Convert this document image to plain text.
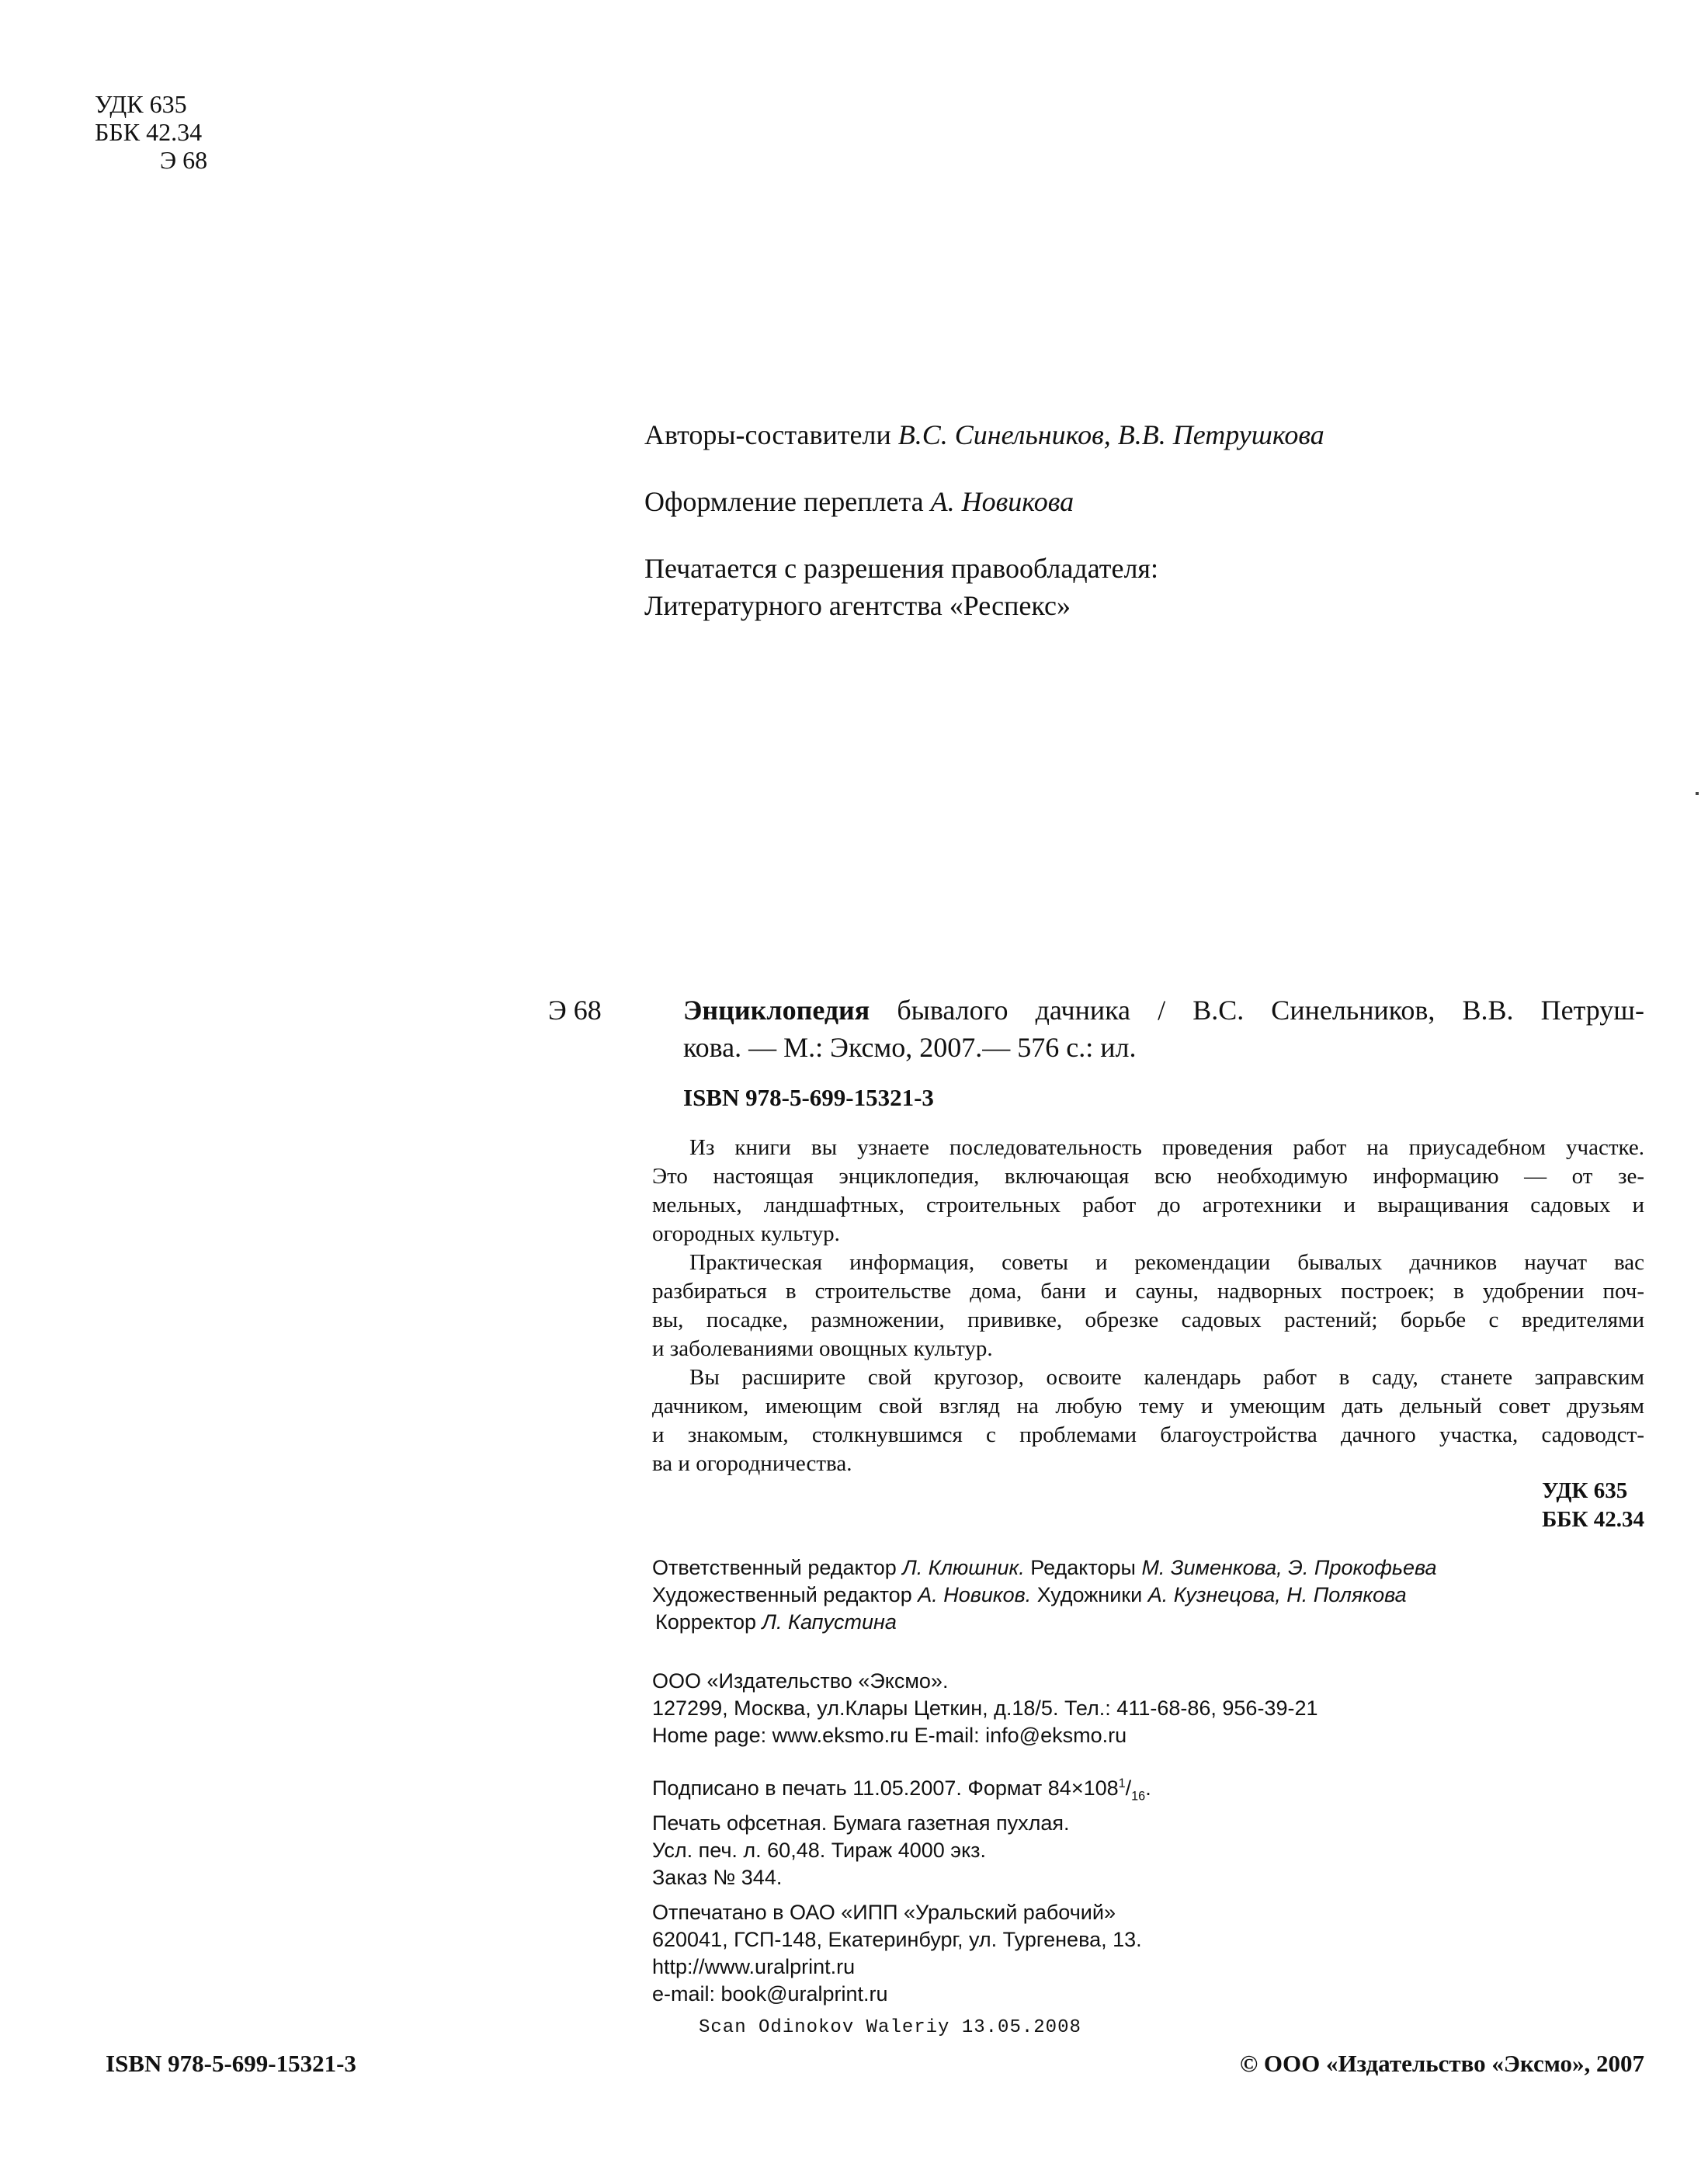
УДК 635
ББК 42.34
Э 68
Авторы-составители В.С. Синельников, В.В. Петрушкова
Оформление переплета А. Новикова
Печатается с разрешения правообладателя:
Литературного агентства «Респекс»
Э 68	Энциклопедия бывалого дачника / В.С. Синельников, В.В. Петруш-
кова. — М.: Эксмо, 2007.— 576 с.: ил.
ISBN 978-5-699-15321-3
Из книги вы узнаете последовательность проведения работ на приусадебном участке.
Это настоящая энциклопедия, включающая всю необходимую информацию — от зе-
мельных, ландшафтных, строительных работ до агротехники и выращивания садовых и
огородных культур.
Практическая информация, советы и рекомендации бывалых дачников научат вас
разбираться в строительстве дома, бани и сауны, надворных построек; в удобрении поч-
вы, посадке, размножении, прививке, обрезке садовых растений; борьбе с вредителями
и заболеваниями овощных культур.
Вы расширите свой кругозор, освоите календарь работ в саду, станете заправским
дачником, имеющим свой взгляд на любую тему и умеющим дать дельный совет друзьям
и знакомым, столкнувшимся с проблемами благоустройства дачного участка, садоводст-
ва и огородничества.
УДК 635
ББК 42.34
Ответственный редактор Л. Клюшник. Редакторы М. Зименкова, Э. Прокофьева
Художественный редактор А. Новиков. Художники А. Кузнецова, Н. Полякова
Корректор Л. Капустина
ООО «Издательство «Эксмо».
127299, Москва, ул.Клары Цеткин, д.18/5. Тел.: 411-68-86, 956-39-21
Home page: www.eksmo.ru E-mail: info@eksmo.ru
Подписано в печать 11.05.2007. Формат $84\times 108^1/_{16}$.
Печать офсетная. Бумага газетная пухлая.
Усл. печ. л. 60,48. Тираж 4000 экз.
Заказ № 344.
Отпечатано в ОАО «ИПП «Уральский рабочий»
620041, ГСП-148, Екатеринбург, ул. Тургенева, 13.
http://www.uralprint.ru
e-mail: book@uralprint.ru
Scan Odinokov Waleriy 13.05.2008
ISBN 978-5-699-15321-3	© ООО «Издательство «Эксмо», 2007
